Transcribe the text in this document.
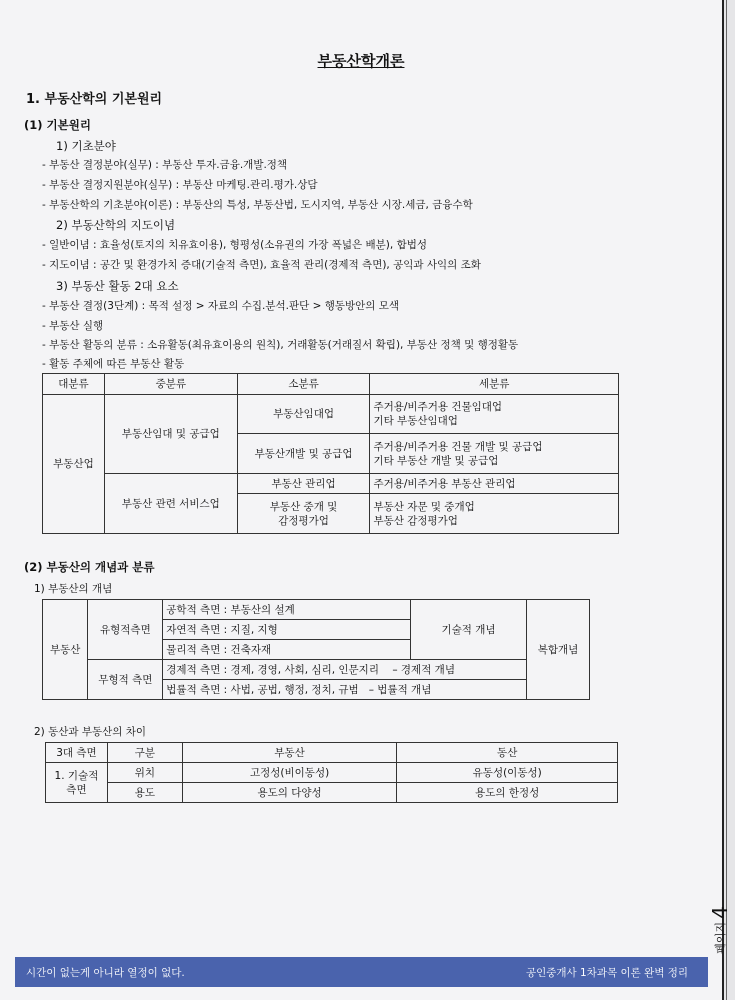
부동산학개론
1. 부동산학의 기본원리
(1) 기본원리
1) 기초분야
- 부동산 결정분야(실무) : 부동산 투자.금융.개발.정책
- 부동산 결정지원분야(실무) : 부동산 마케팅.관리.평가.상담
- 부동산학의 기초분야(이론) : 부동산의 특성, 부동산법, 도시지역, 부동산 시장.세금, 금융수학
2) 부동산학의 지도이념
- 일반이념 : 효율성(토지의 치유효이용), 형평성(소유권의 가장 폭넓은 배분), 합법성
- 지도이념 : 공간 및 환경가치 증대(기술적 측면), 효율적 관리(경제적 측면), 공익과 사익의 조화
3) 부동산 활동 2대 요소
- 부동산 결정(3단계) : 목적 설정 > 자료의 수집.분석.판단 > 행동방안의 모색
- 부동산 실행
- 부동산 활동의 분류 : 소유활동(최유효이용의 원칙), 거래활동(거래질서 확립), 부동산 정책 및 행정활동
- 활동 주체에 따른 부동산 활동
대분류	중분류	소분류	세분류
부동산업	부동산임대 및 공급업	부동산임대업	주거용/비주거용 건물임대업
기타 부동산임대업
		부동산개발 및 공급업	주거용/비주거용 건물 개발 및 공급업
기타 부동산 개발 및 공급업
	부동산 관련 서비스업	부동산 관리업	주거용/비주거용 부동산 관리업
		부동산 중개 및
감정평가업	부동산 자문 및 중개업
부동산 감정평가업
(2) 부동산의 개념과 분류
1) 부동산의 개념
부동산	유형적측면	공학적 측면 : 부동산의 설계	기술적 개념	복합개념
		자연적 측면 : 지질, 지형		
		물리적 측면 : 건축자재		
	무형적 측면	경제적 측면 : 경제, 경영, 사회, 심리, 인문지리 – 경제적 개념		
		법률적 측면 : 사법, 공법, 행정, 정치, 규범 – 법률적 개념		
2) 동산과 부동산의 차이
3대 측면	구분	부동산	동산
1. 기술적
측면	위치	고정성(비이동성)	유동성(이동성)
	용도	용도의 다양성	용도의 한정성
페이지
4
시간이 없는게 아니라 열정이 없다.	공인중개사 1차과목 이론 완벽 정리
